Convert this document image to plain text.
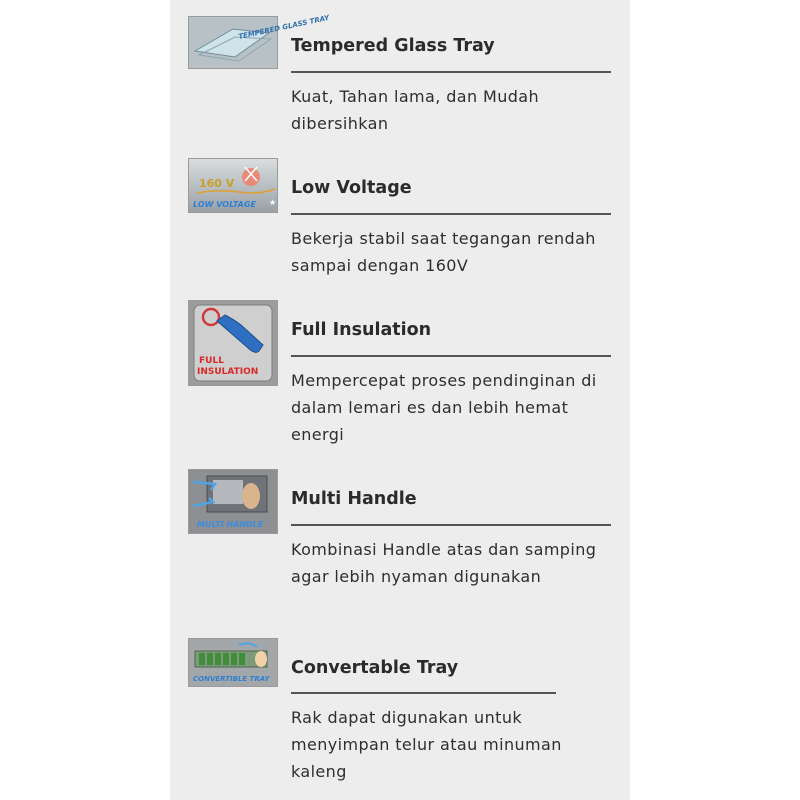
TEMPERED GLASS TRAY
Tempered Glass Tray
Kuat, Tahan lama, dan Mudah dibersihkan
160 V
LOW VOLTAGE ★
Low Voltage
Bekerja stabil saat tegangan rendah sampai dengan 160V
FULL
INSULATION
Full Insulation
Mempercepat proses pendinginan di dalam lemari es dan lebih hemat energi
MULTI HANDLE
Multi Handle
Kombinasi Handle atas dan samping agar lebih nyaman digunakan
CONVERTIBLE TRAY
Convertable Tray
Rak dapat digunakan untuk menyimpan telur atau minuman kaleng
